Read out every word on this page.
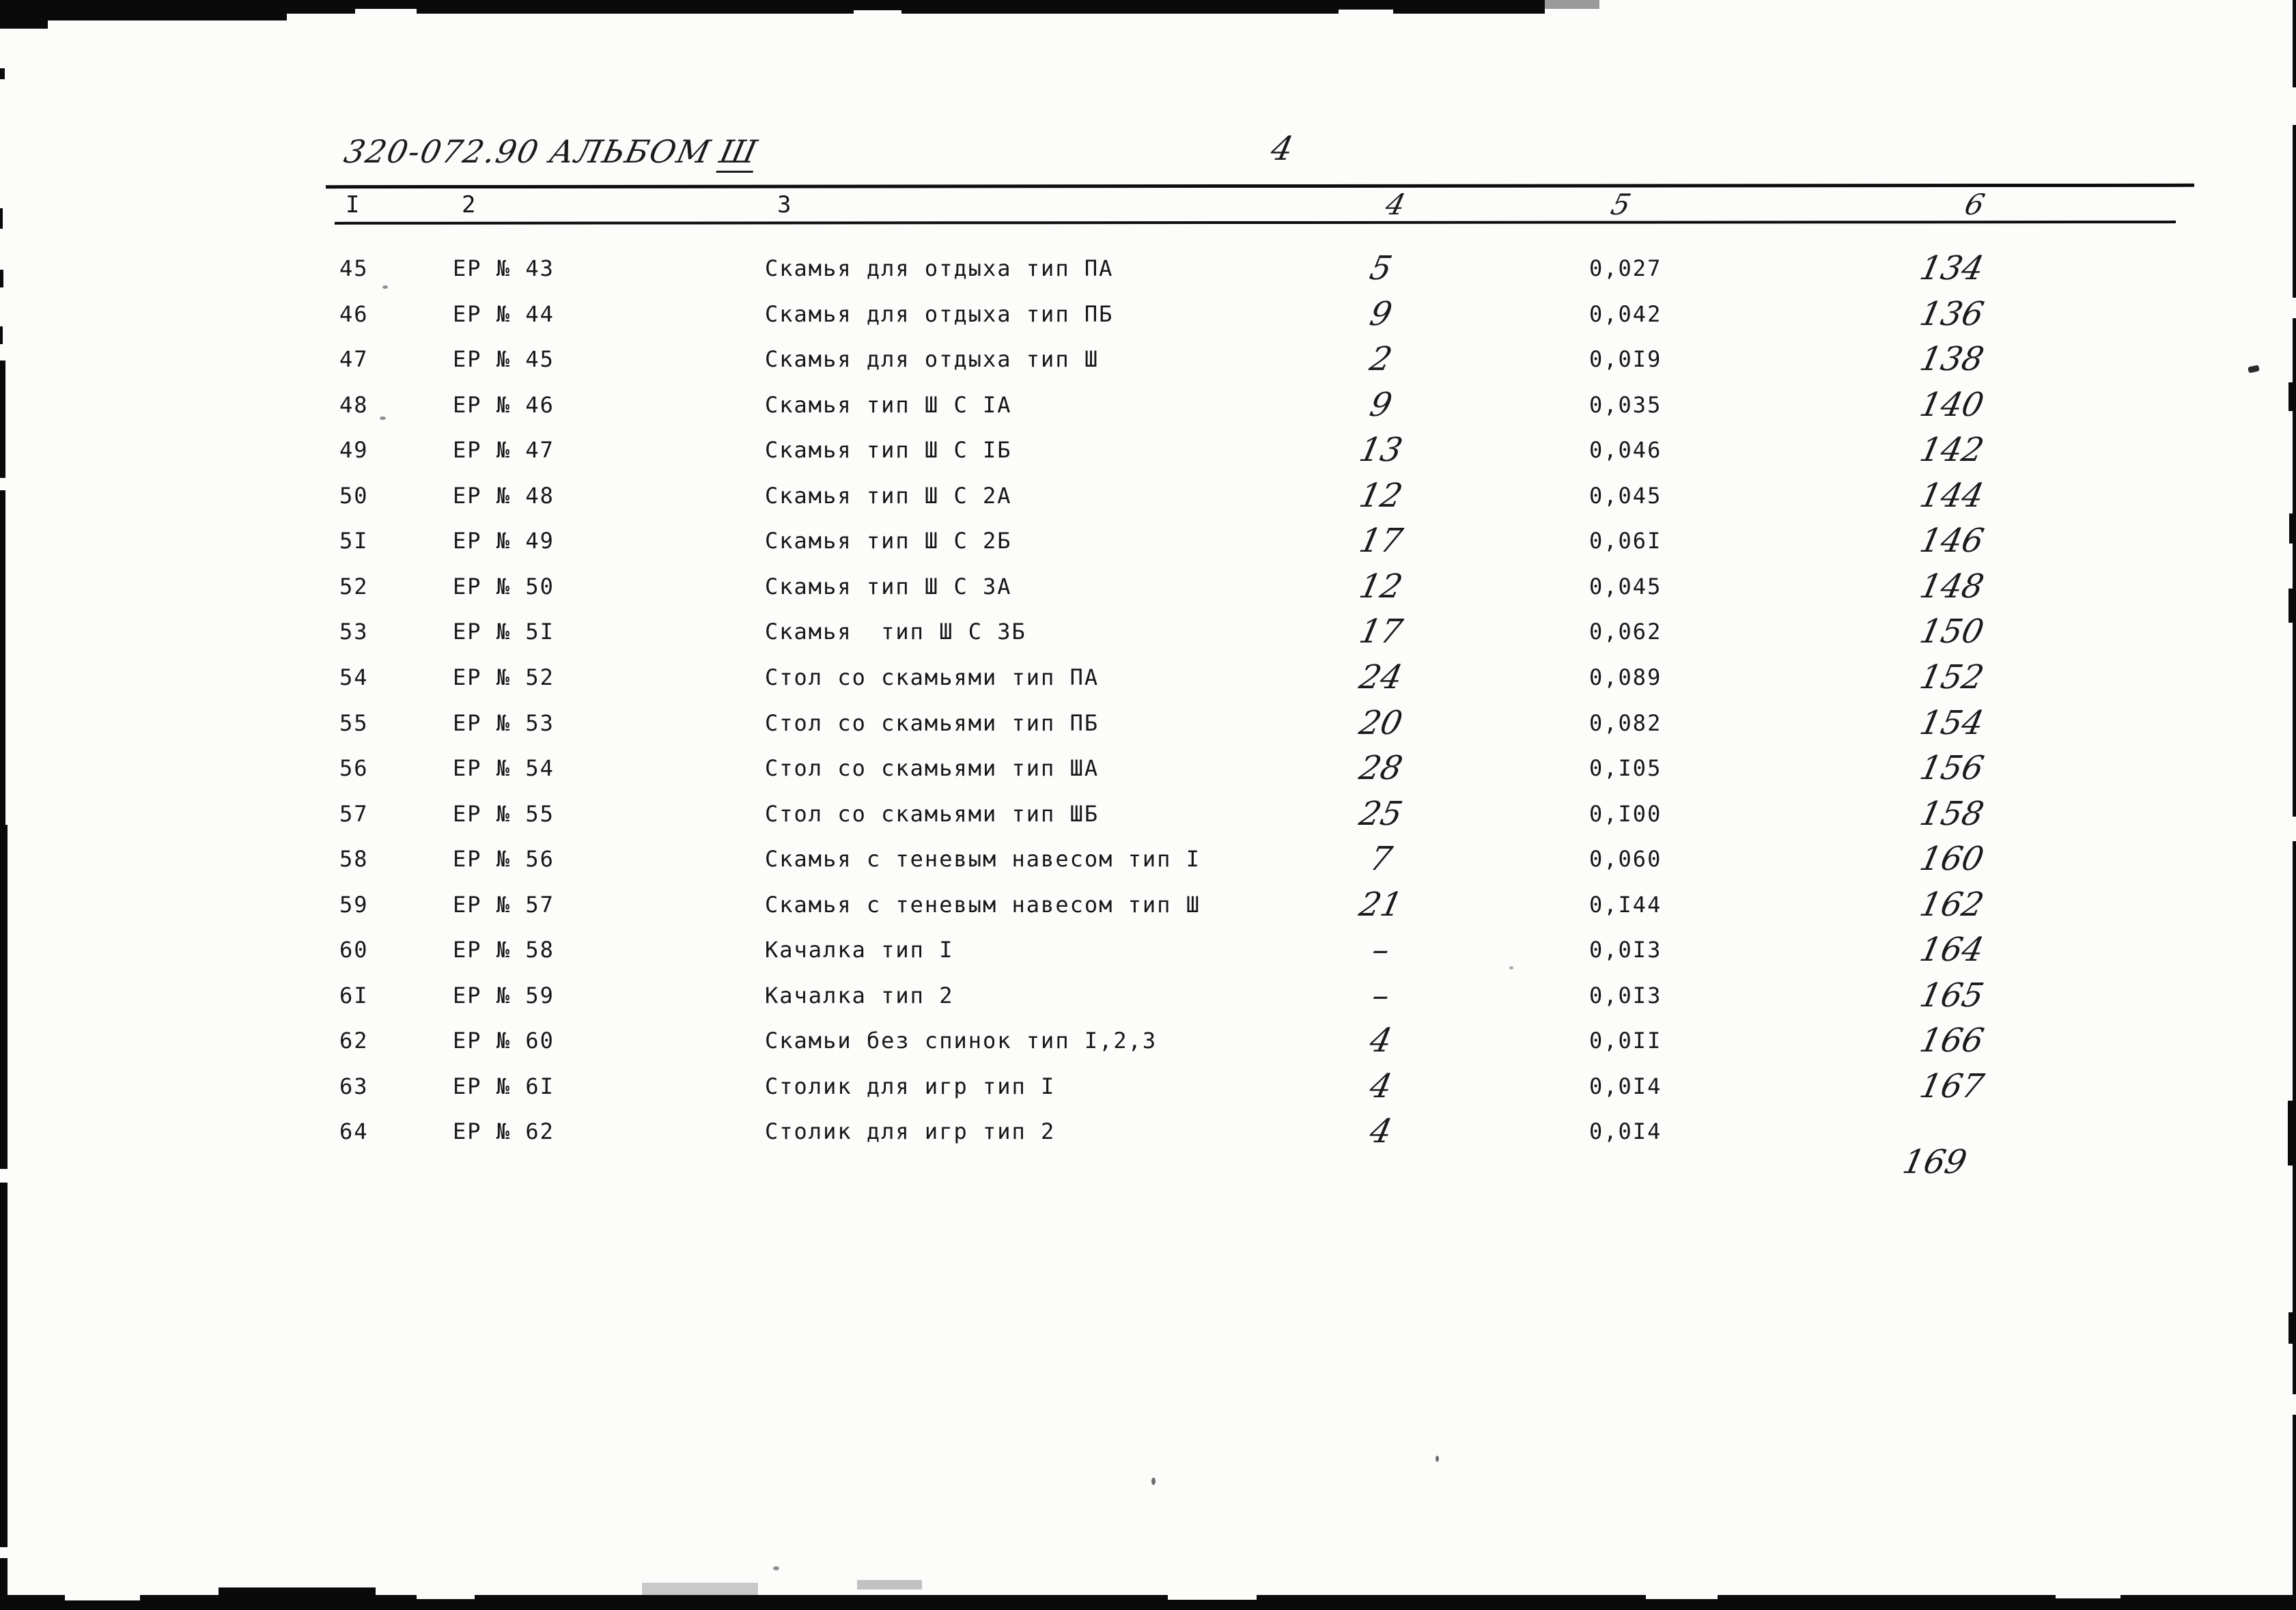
320-072.90 АЛЬБОМШ	4
I	2	3	4	5	6
45	ЕР № 43	Скамья для отдыха тип ПА	5	0,027	134
46	ЕР № 44	Скамья для отдыха тип ПБ	9	0,042	136
47	ЕР № 45	Скамья для отдыха тип Ш	2	0,0I9	138
48	ЕР № 46	Скамья тип Ш С IА	9	0,035	140
49	ЕР № 47	Скамья тип Ш С IБ	13	0,046	142
50	ЕР № 48	Скамья тип Ш С 2А	12	0,045	144
5I	ЕР № 49	Скамья тип Ш С 2Б	17	0,06I	146
52	ЕР № 50	Скамья тип Ш С 3А	12	0,045	148
53	ЕР № 5I	Скамья  тип Ш С 3Б	17	0,062	150
54	ЕР № 52	Стол со скамьями тип ПА	24	0,089	152
55	ЕР № 53	Стол со скамьями тип ПБ	20	0,082	154
56	ЕР № 54	Стол со скамьями тип ША	28	0,I05	156
57	ЕР № 55	Стол со скамьями тип ШБ	25	0,I00	158
58	ЕР № 56	Скамья с теневым навесом тип I	7	0,060	160
59	ЕР № 57	Скамья с теневым навесом тип Ш	21	0,I44	162
60	ЕР № 58	Качалка тип I	–	0,0I3	164
6I	ЕР № 59	Качалка тип 2	–	0,0I3	165
62	ЕР № 60	Скамьи без спинок тип I,2,3	4	0,0II	166
63	ЕР № 6I	Столик для игр тип I	4	0,0I4	167
64	ЕР № 62	Столик для игр тип 2	4	0,0I4
169
